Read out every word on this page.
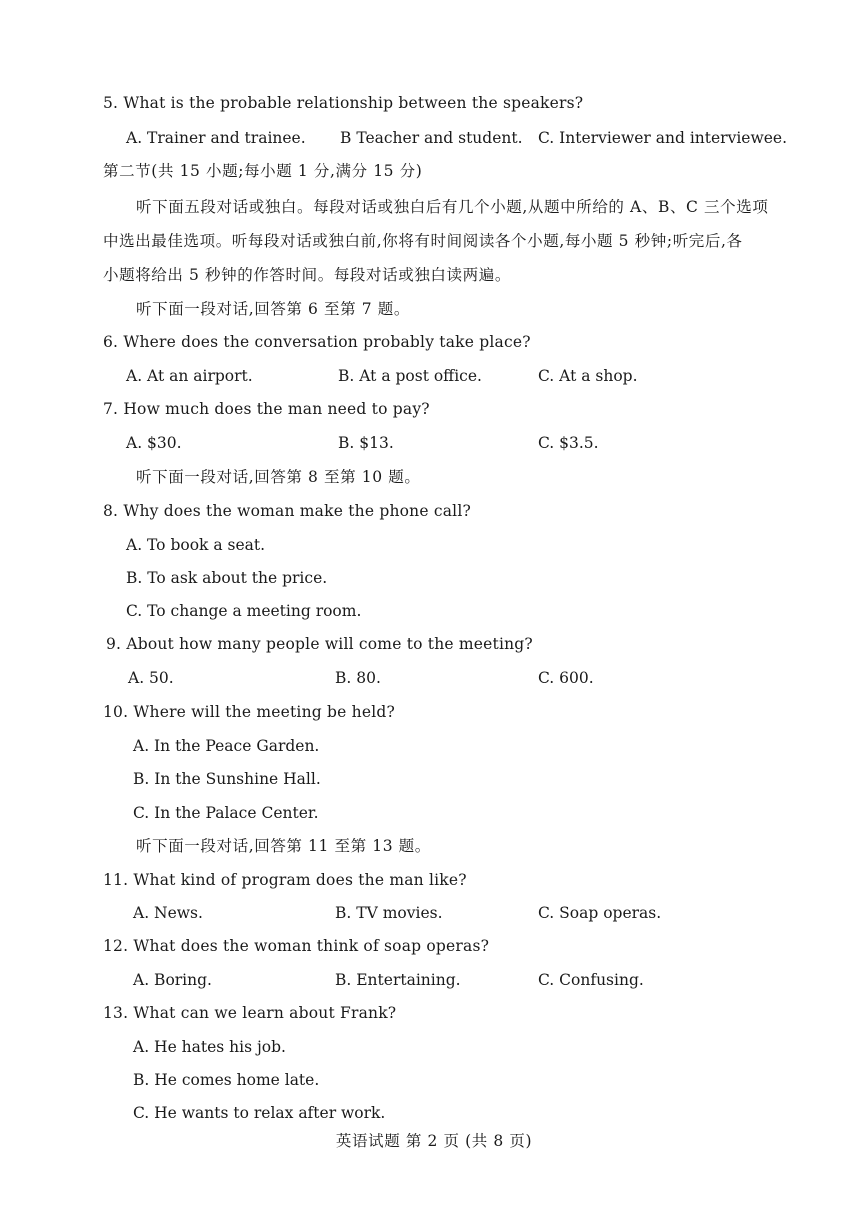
5. What is the probable relationship between the speakers?
A. Trainer and trainee. B Teacher and student. C. Interviewer and interviewee.
第二节(共 15 小题;每小题 1 分,满分 15 分)
听下面五段对话或独白。每段对话或独白后有几个小题,从题中所给的 A、B、C 三个选项
中选出最佳选项。听每段对话或独白前,你将有时间阅读各个小题,每小题 5 秒钟;听完后,各
小题将给出 5 秒钟的作答时间。每段对话或独白读两遍。
听下面一段对话,回答第 6 至第 7 题。
6. Where does the conversation probably take place?
A. At an airport.	B. At a post office.	C. At a shop.
7. How much does the man need to pay?
A. $30.	B. $13.	C. $3.5.
听下面一段对话,回答第 8 至第 10 题。
8. Why does the woman make the phone call?
A. To book a seat.
B. To ask about the price.
C. To change a meeting room.
9. About how many people will come to the meeting?
A. 50.	B. 80.	C. 600.
10. Where will the meeting be held?
A. In the Peace Garden.
B. In the Sunshine Hall.
C. In the Palace Center.
听下面一段对话,回答第 11 至第 13 题。
11. What kind of program does the man like?
A. News.	B. TV movies.	C. Soap operas.
12. What does the woman think of soap operas?
A. Boring.	B. Entertaining.	C. Confusing.
13. What can we learn about Frank?
A. He hates his job.
B. He comes home late.
C. He wants to relax after work.
英语试题 第 2 页 (共 8 页)
